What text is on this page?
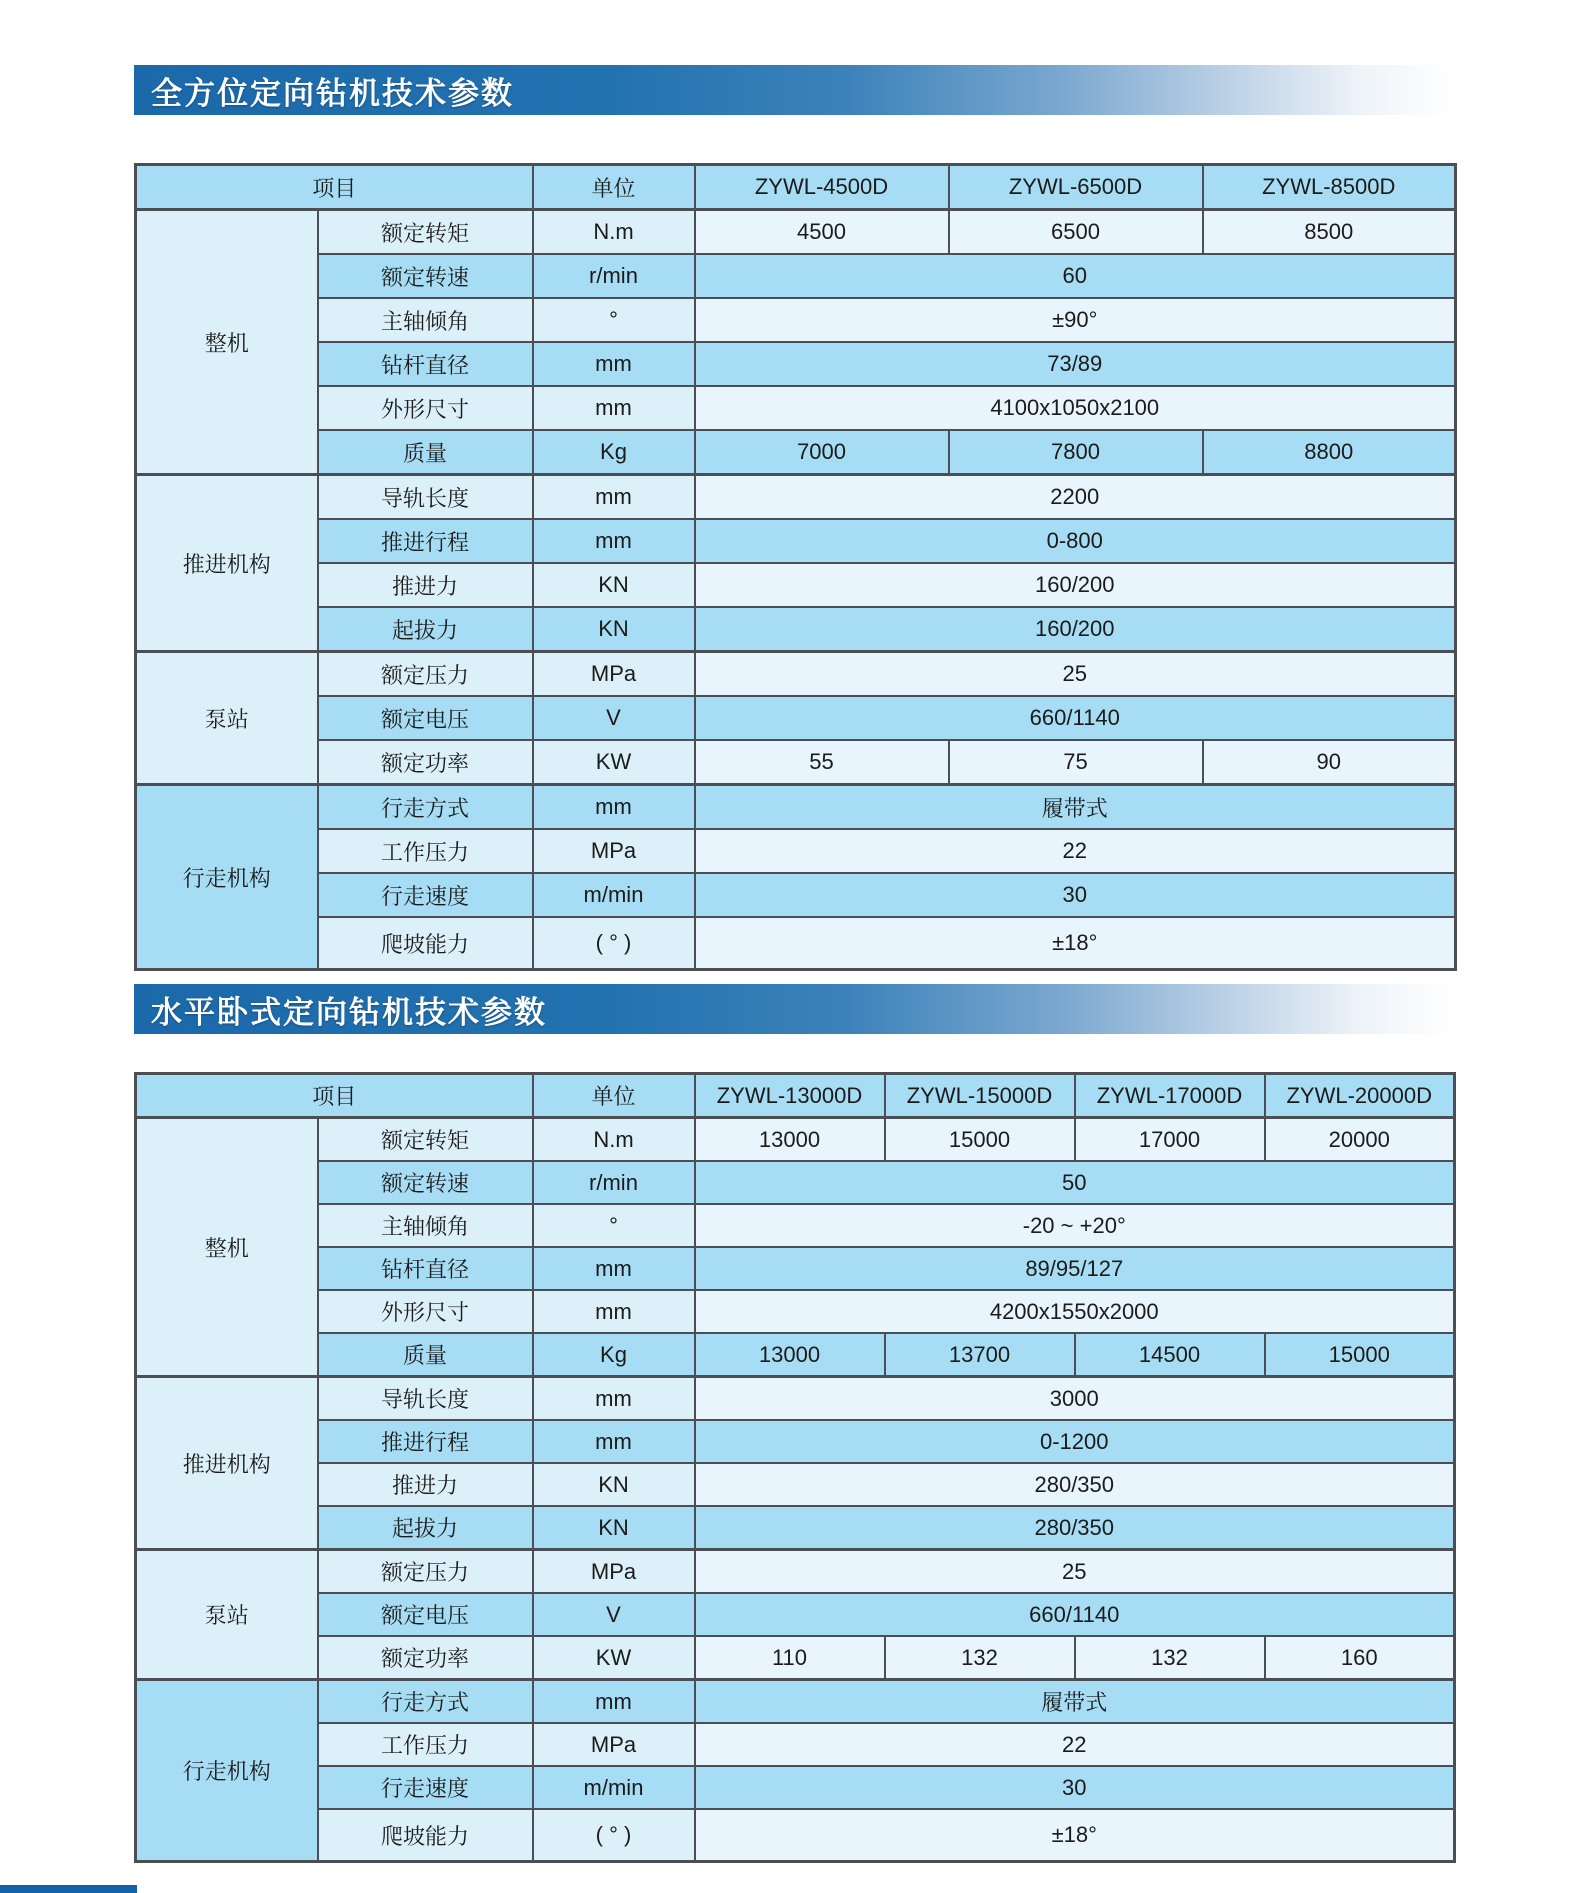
全方位定向钻机技术参数
项目		单位	ZYWL-4500D	ZYWL-6500D	ZYWL-8500D
整机	额定转矩	N.m	4500	6500	8500
	额定转速	r/min	60		
	主轴倾角	°	±90°		
	钻杆直径	mm	73/89		
	外形尺寸	mm	4100x1050x2100		
	质量	Kg	7000	7800	8800
推进机构	导轨长度	mm	2200		
	推进行程	mm	0-800		
	推进力	KN	160/200		
	起拔力	KN	160/200		
泵站	额定压力	MPa	25		
	额定电压	V	660/1140		
	额定功率	KW	55	75	90
行走机构	行走方式	mm	履带式		
	工作压力	MPa	22		
	行走速度	m/min	30		
	爬坡能力	( ° )	±18°		
水平卧式定向钻机技术参数
项目		单位	ZYWL-13000D	ZYWL-15000D	ZYWL-17000D	ZYWL-20000D
整机	额定转矩	N.m	13000	15000	17000	20000
	额定转速	r/min	50			
	主轴倾角	°	-20 ~ +20°			
	钻杆直径	mm	89/95/127			
	外形尺寸	mm	4200x1550x2000			
	质量	Kg	13000	13700	14500	15000
推进机构	导轨长度	mm	3000			
	推进行程	mm	0-1200			
	推进力	KN	280/350			
	起拔力	KN	280/350			
泵站	额定压力	MPa	25			
	额定电压	V	660/1140			
	额定功率	KW	110	132	132	160
行走机构	行走方式	mm	履带式			
	工作压力	MPa	22			
	行走速度	m/min	30			
	爬坡能力	( ° )	±18°			
